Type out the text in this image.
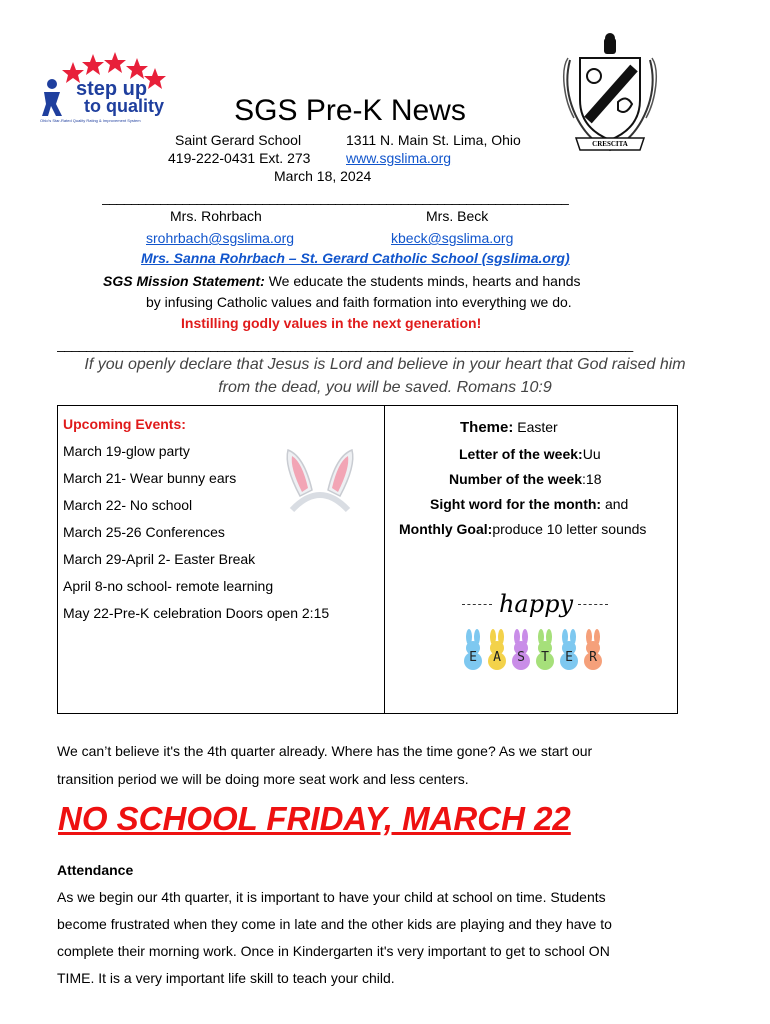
step up
to quality
Ohio's Star-Rated Quality Rating & Improvement System
CRESCITA
SGS Pre-K News
Saint Gerard School	1311 N. Main St. Lima, Ohio
419-222-0431 Ext. 273	www.sgslima.org
March 18, 2024
________________________________________________________________
Mrs. Rohrbach	Mrs. Beck
srohrbach@sgslima.org	kbeck@sgslima.org
Mrs. Sanna Rohrbach – St. Gerard Catholic School (sgslima.org)
SGS Mission Statement: We educate the students minds, hearts and hands
by infusing Catholic values and faith formation into everything we do.
Instilling godly values in the next generation!
_______________________________________________________________________________
If you openly declare that Jesus is Lord and believe in your heart that God raised him
from the dead, you will be saved. Romans 10:9
Upcoming Events:
March 19-glow party
March 21- Wear bunny ears
March 22- No school
March 25-26 Conferences
March 29-April 2- Easter Break
April 8-no school- remote learning
May 22-Pre-K celebration Doors open 2:15
Theme: Easter
Letter of the week:Uu
Number of the week:18
Sight word for the month: and
Monthly Goal:produce 10 letter sounds
happy
E	A	S	T	E	R
We can’t believe it's the 4th quarter already. Where has the time gone? As we start our
transition period we will be doing more seat work and less centers.
NO SCHOOL FRIDAY, MARCH 22
Attendance
As we begin our 4th quarter, it is important to have your child at school on time. Students
become frustrated when they come in late and the other kids are playing and they have to
complete their morning work. Once in Kindergarten it's very important to get to school ON
TIME. It is a very important life skill to teach your child.
